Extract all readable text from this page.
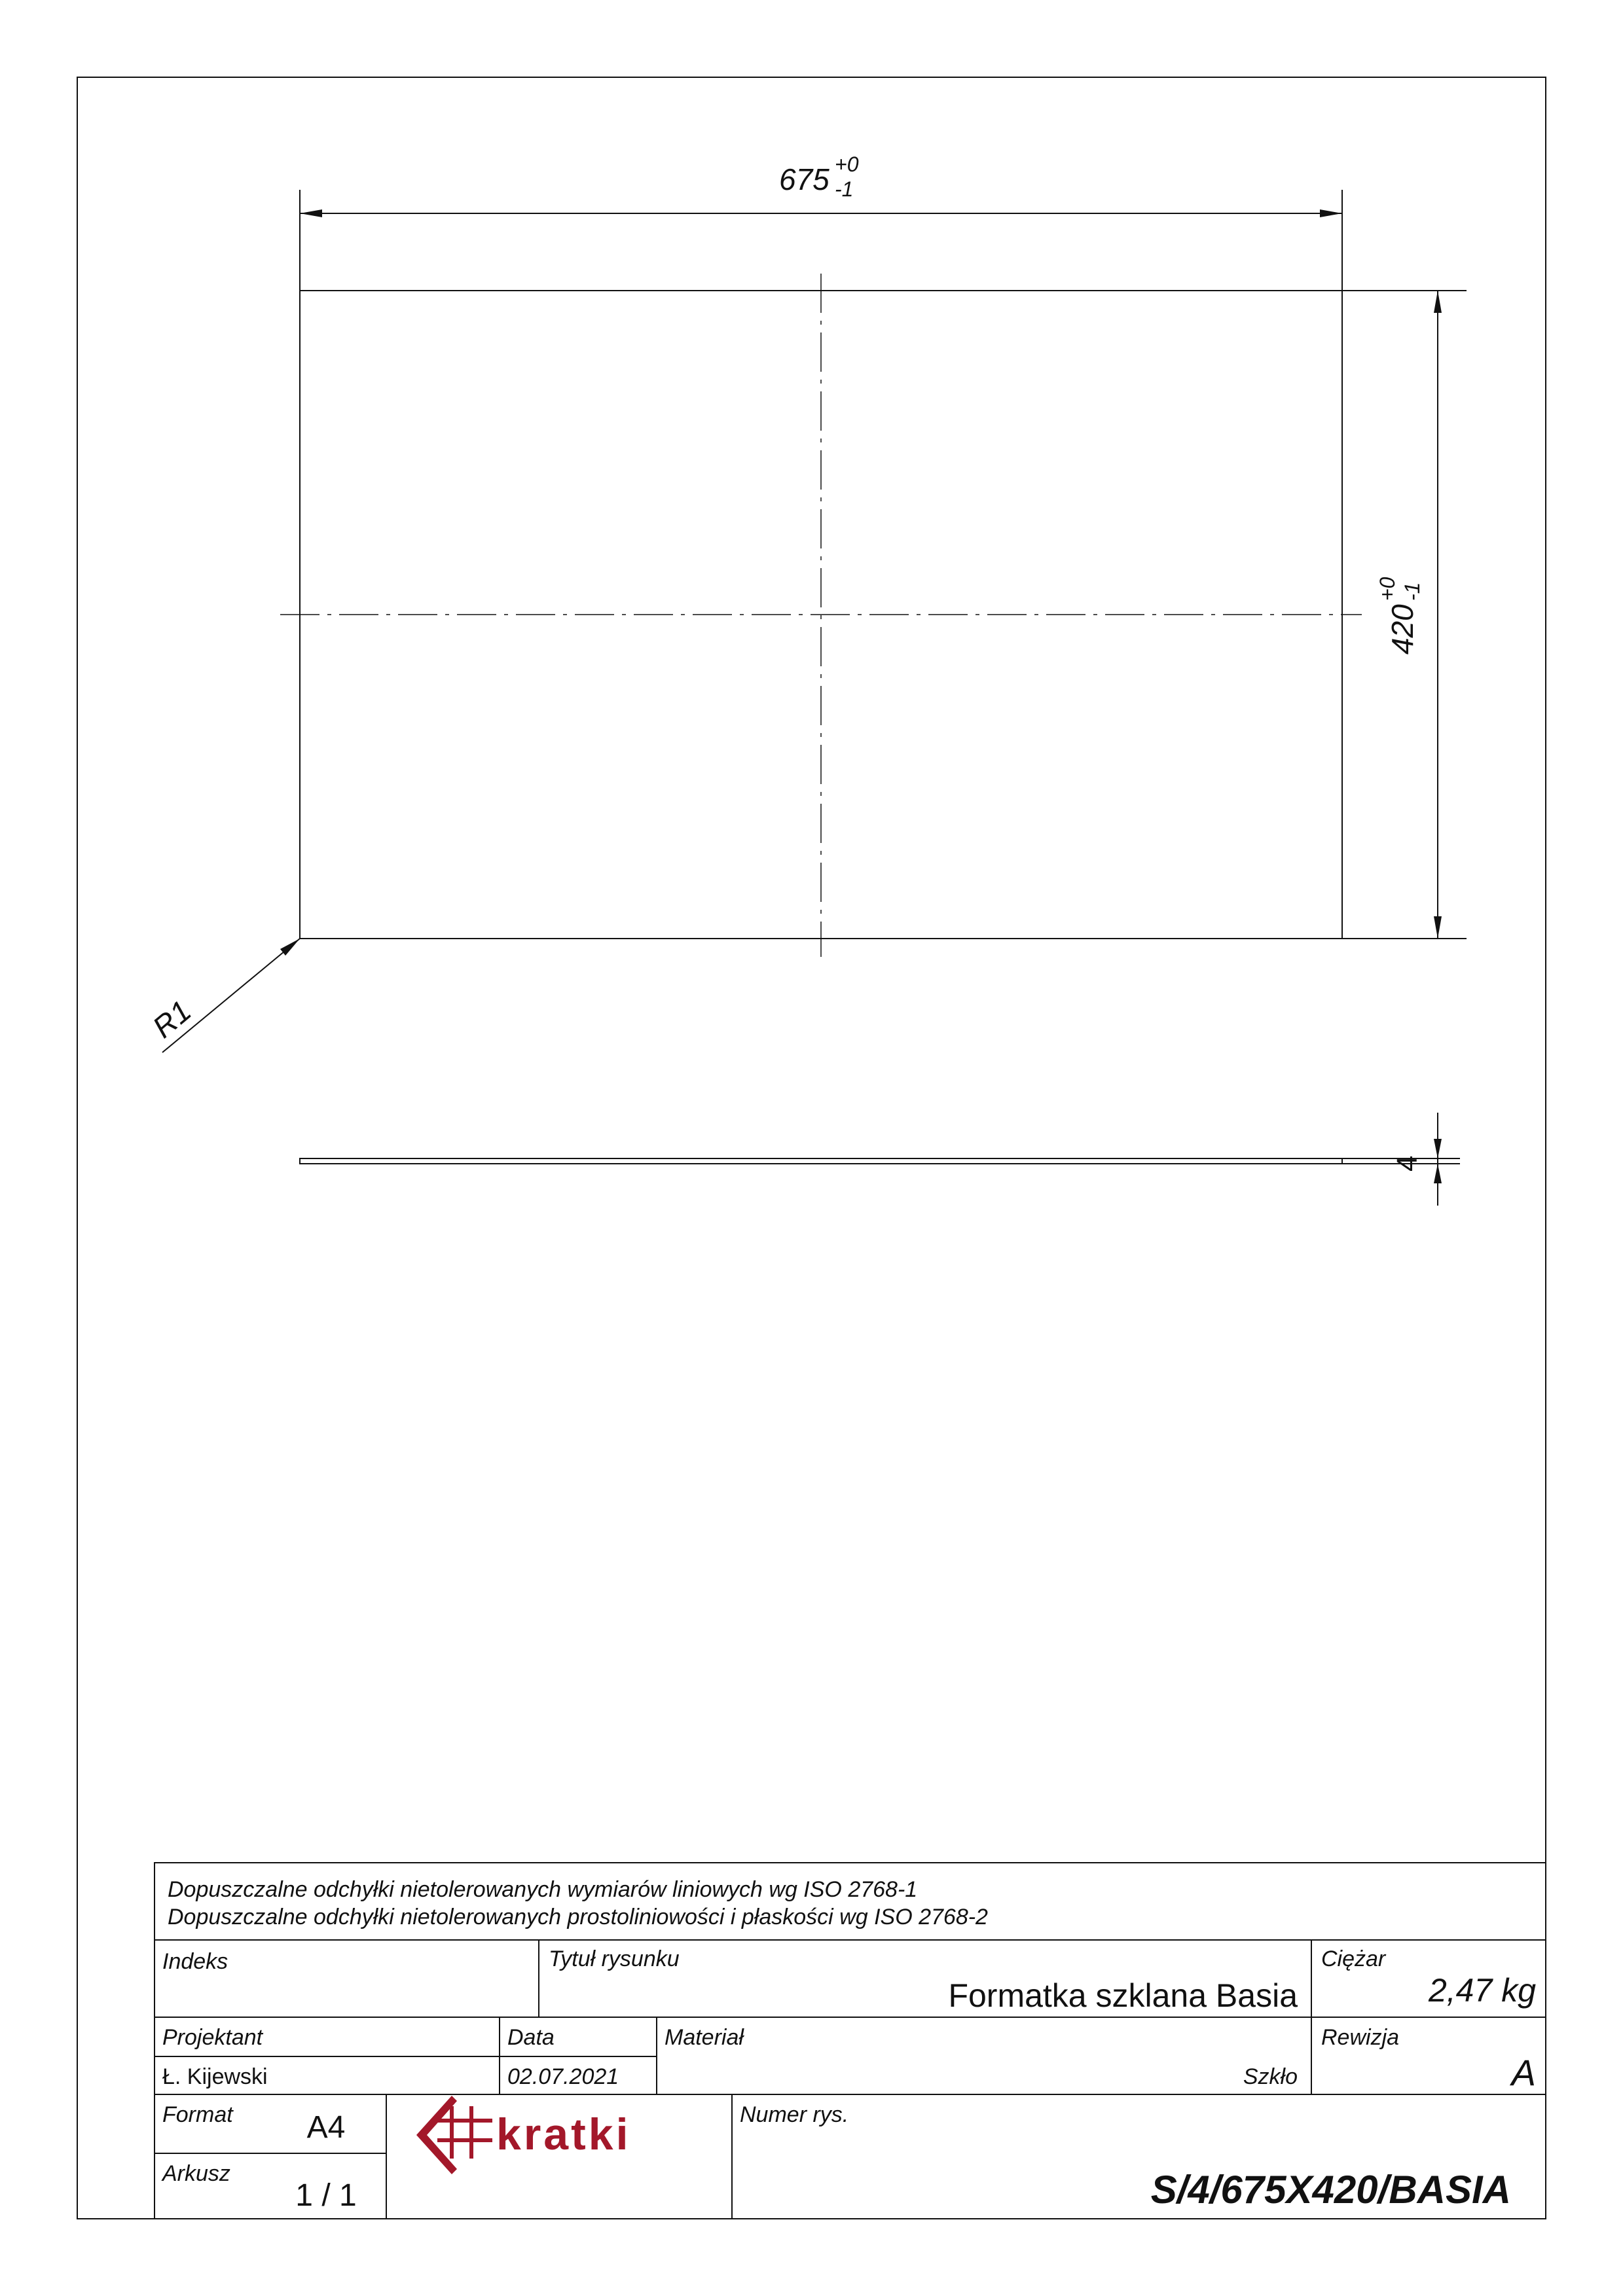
675 +0
-1
420
+0 -1
R1
4
Dopuszczalne odchyłki nietolerowanych wymiarów liniowych wg ISO 2768-1
Dopuszczalne odchyłki nietolerowanych prostoliniowości i płaskości wg ISO 2768-2
Indeks	Tytuł rysunku
Formatka szklana Basia
Ciężar
2,47 kg
Projektant
Ł. Kijewski
Data
02.07.2021
Materiał
Szkło
Rewizja
A
Format A4
Arkusz
1 / 1
kratki	Numer rys.
S/4/675X420/BASIA
